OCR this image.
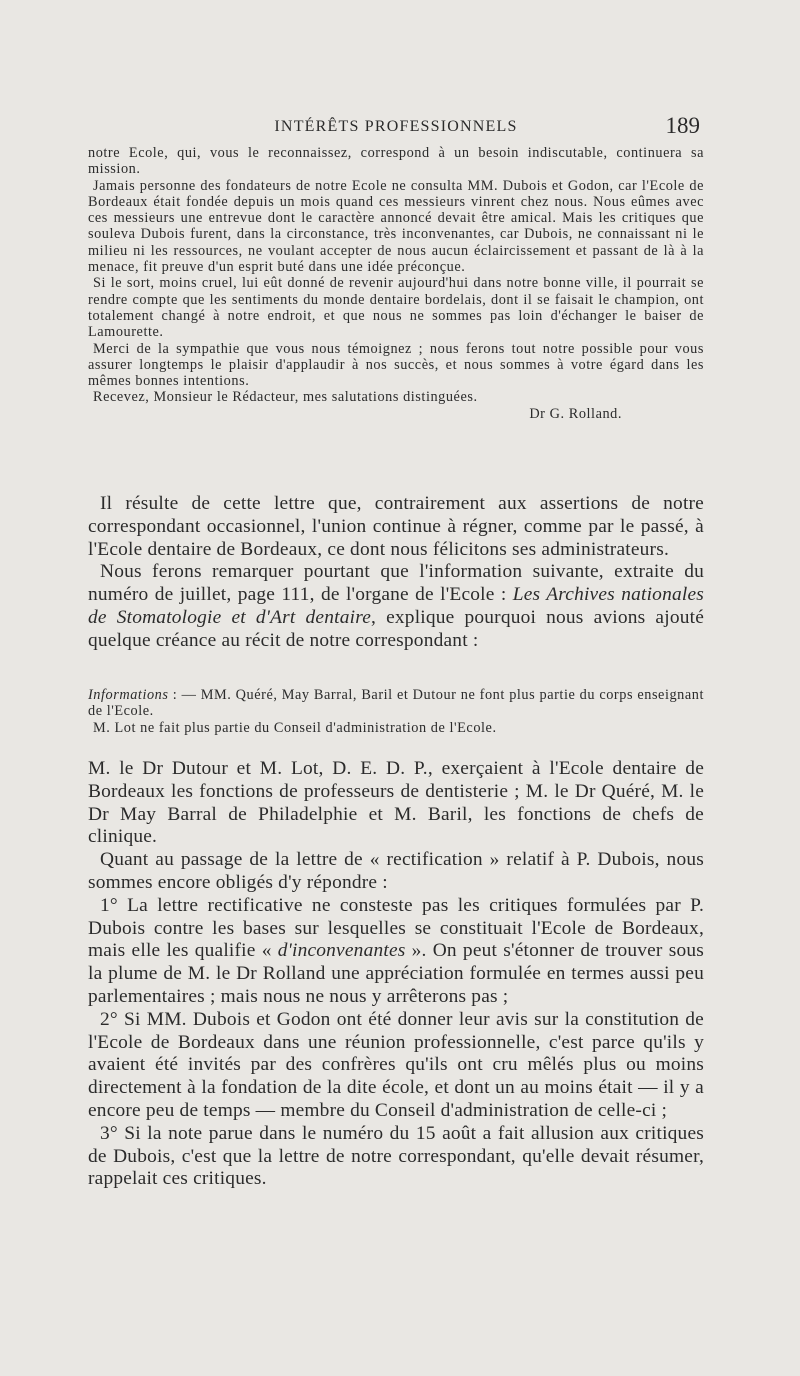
INTÉRÊTS PROFESSIONNELS	189

notre Ecole, qui, vous le reconnaissez, correspond à un besoin indiscutable, continuera sa mission.

Jamais personne des fondateurs de notre Ecole ne consulta MM. Dubois et Godon, car l'Ecole de Bordeaux était fondée depuis un mois quand ces messieurs vinrent chez nous. Nous eûmes avec ces messieurs une entrevue dont le caractère annoncé devait être amical. Mais les critiques que souleva Dubois furent, dans la circonstance, très inconvenantes, car Dubois, ne connaissant ni le milieu ni les ressources, ne voulant accepter de nous aucun éclaircissement et passant de là à la menace, fit preuve d'un esprit buté dans une idée préconçue.

Si le sort, moins cruel, lui eût donné de revenir aujourd'hui dans notre bonne ville, il pourrait se rendre compte que les sentiments du monde dentaire bordelais, dont il se faisait le champion, ont totalement changé à notre endroit, et que nous ne sommes pas loin d'échanger le baiser de Lamourette.

Merci de la sympathie que vous nous témoignez ; nous ferons tout notre possible pour vous assurer longtemps le plaisir d'applaudir à nos succès, et nous sommes à votre égard dans les mêmes bonnes intentions.

Recevez, Monsieur le Rédacteur, mes salutations distinguées.

Dr G. Rolland.

Il résulte de cette lettre que, contrairement aux assertions de notre correspondant occasionnel, l'union continue à régner, comme par le passé, à l'Ecole dentaire de Bordeaux, ce dont nous félicitons ses administrateurs.

Nous ferons remarquer pourtant que l'information suivante, extraite du numéro de juillet, page 111, de l'organe de l'Ecole : Les Archives nationales de Stomatologie et d'Art dentaire, explique pourquoi nous avions ajouté quelque créance au récit de notre correspondant :

Informations : — MM. Quéré, May Barral, Baril et Dutour ne font plus partie du corps enseignant de l'Ecole.

M. Lot ne fait plus partie du Conseil d'administration de l'Ecole.

M. le Dr Dutour et M. Lot, D. E. D. P., exerçaient à l'Ecole dentaire de Bordeaux les fonctions de professeurs de dentisterie ; M. le Dr Quéré, M. le Dr May Barral de Philadelphie et M. Baril, les fonctions de chefs de clinique.

Quant au passage de la lettre de « rectification » relatif à P. Dubois, nous sommes encore obligés d'y répondre :

1° La lettre rectificative ne consteste pas les critiques formulées par P. Dubois contre les bases sur lesquelles se constituait l'Ecole de Bordeaux, mais elle les qualifie « d'inconvenantes ». On peut s'étonner de trouver sous la plume de M. le Dr Rolland une appréciation formulée en termes aussi peu parlementaires ; mais nous ne nous y arrêterons pas ;

2° Si MM. Dubois et Godon ont été donner leur avis sur la constitution de l'Ecole de Bordeaux dans une réunion professionnelle, c'est parce qu'ils y avaient été invités par des confrères qu'ils ont cru mêlés plus ou moins directement à la fondation de la dite école, et dont un au moins était — il y a encore peu de temps — membre du Conseil d'administration de celle-ci ;

3° Si la note parue dans le numéro du 15 août a fait allusion aux critiques de Dubois, c'est que la lettre de notre correspondant, qu'elle devait résumer, rappelait ces critiques.
